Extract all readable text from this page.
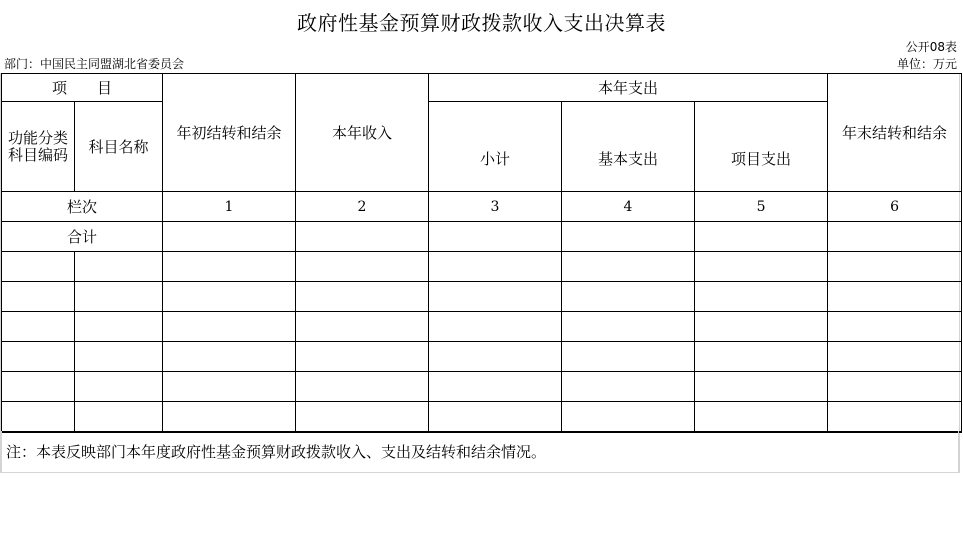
政府性基金预算财政拨款收入支出决算表
公开08表
部门：中国民主同盟湖北省委员会	单位：万元
项　　目		年初结转和结余	本年收入	本年支出			年末结转和结余
功能分类科目编码	科目名称			小计	基本支出	项目支出	
栏次		1	2	3	4	5	6
合计							

注：本表反映部门本年度政府性基金预算财政拨款收入、支出及结转和结余情况。
